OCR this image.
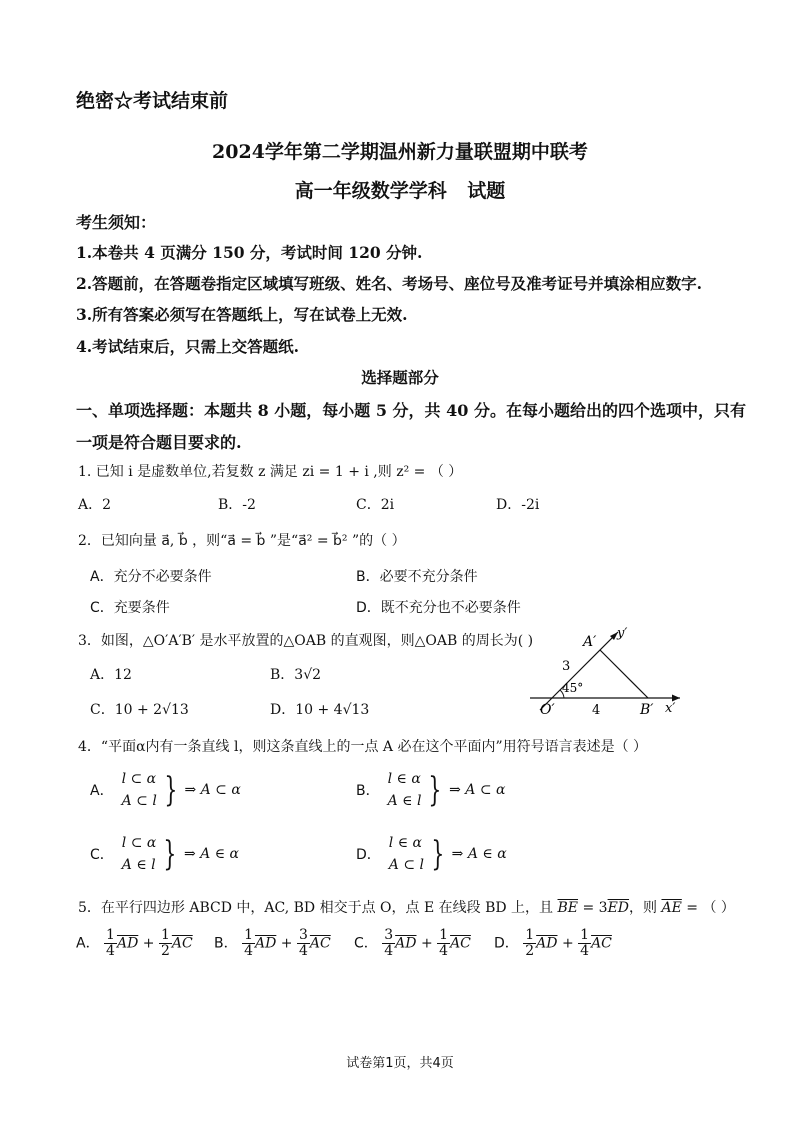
绝密☆考试结束前
2024学年第二学期温州新力量联盟期中联考
高一年级数学学科 试题
考生须知：
1.本卷共 4 页满分 150 分，考试时间 120 分钟.
2.答题前，在答题卷指定区域填写班级、姓名、考场号、座位号及准考证号并填涂相应数字.
3.所有答案必须写在答题纸上，写在试卷上无效.
4.考试结束后，只需上交答题纸.
选择题部分
一、单项选择题：本题共 8 小题，每小题 5 分，共 40 分。在每小题给出的四个选项中，只有
一项是符合题目要求的.
1. 已知 i 是虚数单位,若复数 z 满足 zi = 1 + i ,则 z² = （ ）
A．2	B．-2	C．2i	D．-2i
2．已知向量 a⃗, b⃗ ，则“a⃗ = b⃗ ”是“a⃗² = b⃗² ”的（ ）
A．充分不必要条件	B．必要不充分条件
C．充要条件	D．既不充分也不必要条件
3．如图，△O′A′B′ 是水平放置的△OAB 的直观图，则△OAB 的周长为( )
A．12	B．3√2
C．10 + 2√13	D．10 + 4√13
A′
y′
3
45°
O′	4	B′ x′
4．“平面α内有一条直线 l，则这条直线上的一点 A 必在这个平面内”用符号语言表述是（ ）
A．
l ⊂ α
A ⊂ l } ⇒ A ⊂ α	B．
l ∈ α
A ∈ l } ⇒ A ⊂ α
C．
l ⊂ α
A ∈ l } ⇒ A ∈ α	D．
l ∈ α
A ⊂ l } ⇒ A ∈ α
5．在平行四边形 ABCD 中，AC, BD 相交于点 O，点 E 在线段 BD 上，且 $\overline{BE} = 3\overline{ED}$，则 $\overline{AE}$ = （ ）
A． $\frac{1}{4} \overline{AD} + \frac{1}{2} \overline{AC}$ B． $\frac{1}{4} \overline{AD} + \frac{3}{4} \overline{AC}$ C． $\frac{3}{4} \overline{AD} + \frac{1}{4} \overline{AC}$ D． $\frac{1}{2} \overline{AD} + \frac{1}{4} \overline{AC}$
试卷第1页，共4页
